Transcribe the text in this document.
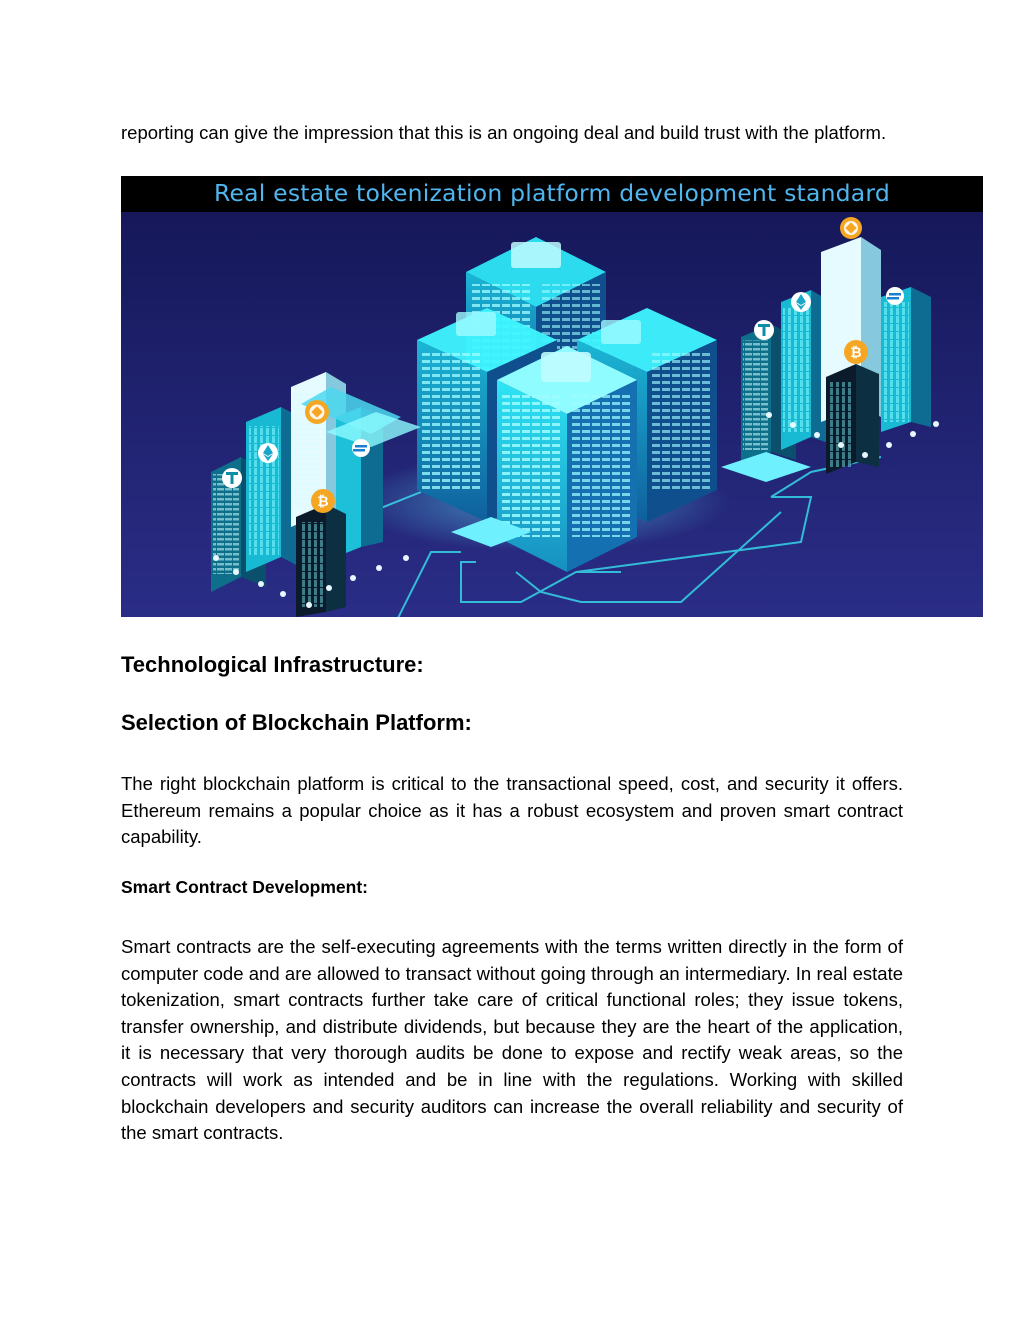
reporting can give the impression that this is an ongoing deal and build trust with the platform.

Real estate tokenization platform development standard
₿
₿
Technological Infrastructure:
Selection of Blockchain Platform:

The right blockchain platform is critical to the transactional speed, cost, and security it offers. Ethereum remains a popular choice as it has a robust ecosystem and proven smart contract capability.

Smart Contract Development:

Smart contracts are the self-executing agreements with the terms written directly in the form of computer code and are allowed to transact without going through an intermediary. In real estate tokenization, smart contracts further take care of critical functional roles; they issue tokens, transfer ownership, and distribute dividends, but because they are the heart of the application, it is necessary that very thorough audits be done to expose and rectify weak areas, so the contracts will work as intended and be in line with the regulations. Working with skilled blockchain developers and security auditors can increase the overall reliability and security of the smart contracts.
